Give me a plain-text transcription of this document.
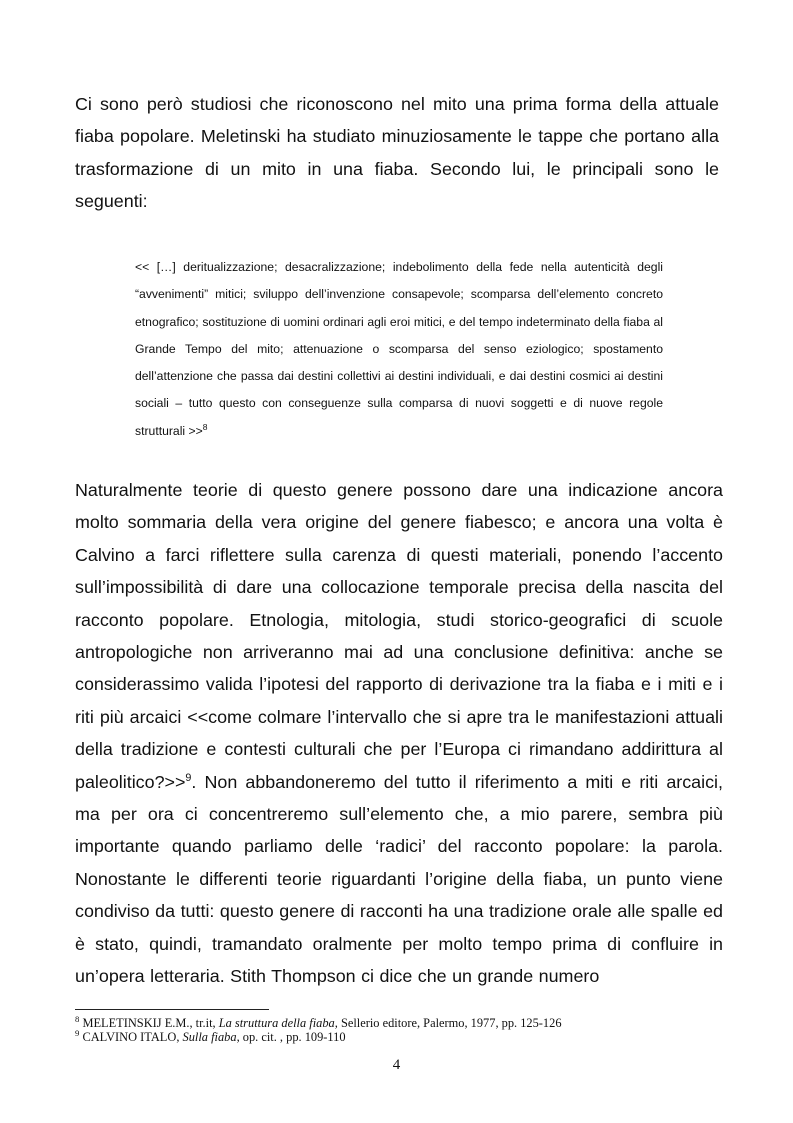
Ci sono però studiosi che riconoscono nel mito una prima forma della attuale fiaba popolare. Meletinski ha studiato minuziosamente le tappe che portano alla trasformazione di un mito in una fiaba. Secondo lui, le principali sono le seguenti:

<< […] deritualizzazione; desacralizzazione; indebolimento della fede nella autenticità degli “avvenimenti” mitici; sviluppo dell’invenzione consapevole; scomparsa dell’elemento concreto etnografico; sostituzione di uomini ordinari agli eroi mitici, e del tempo indeterminato della fiaba al Grande Tempo del mito; attenuazione o scomparsa del senso eziologico; spostamento dell’attenzione che passa dai destini collettivi ai destini individuali, e dai destini cosmici ai destini sociali – tutto questo con conseguenze sulla comparsa di nuovi soggetti e di nuove regole strutturali >>$^8$

Naturalmente teorie di questo genere possono dare una indicazione ancora molto sommaria della vera origine del genere fiabesco; e ancora una volta è Calvino a farci riflettere sulla carenza di questi materiali, ponendo l’accento sull’impossibilità di dare una collocazione temporale precisa della nascita del racconto popolare. Etnologia, mitologia, studi storico-geografici di scuole antropologiche non arriveranno mai ad una conclusione definitiva: anche se considerassimo valida l’ipotesi del rapporto di derivazione tra la fiaba e i miti e i riti più arcaici <<come colmare l’intervallo che si apre tra le manifestazioni attuali della tradizione e contesti culturali che per l’Europa ci rimandano addirittura al paleolitico?>>$^9$. Non abbandoneremo del tutto il riferimento a miti e riti arcaici, ma per ora ci concentreremo sull’elemento che, a mio parere, sembra più importante quando parliamo delle ‘radici’ del racconto popolare: la parola. Nonostante le differenti teorie riguardanti l’origine della fiaba, un punto viene condiviso da tutti: questo genere di racconti ha una tradizione orale alle spalle ed è stato, quindi, tramandato oralmente per molto tempo prima di confluire in un’opera letteraria. Stith Thompson ci dice che un grande numero

$^8$ MELETINSKIJ E.M., tr.it, La struttura della fiaba, Sellerio editore, Palermo, 1977, pp. 125-126
$^9$ CALVINO ITALO, Sulla fiaba, op. cit. , pp. 109-110
4
